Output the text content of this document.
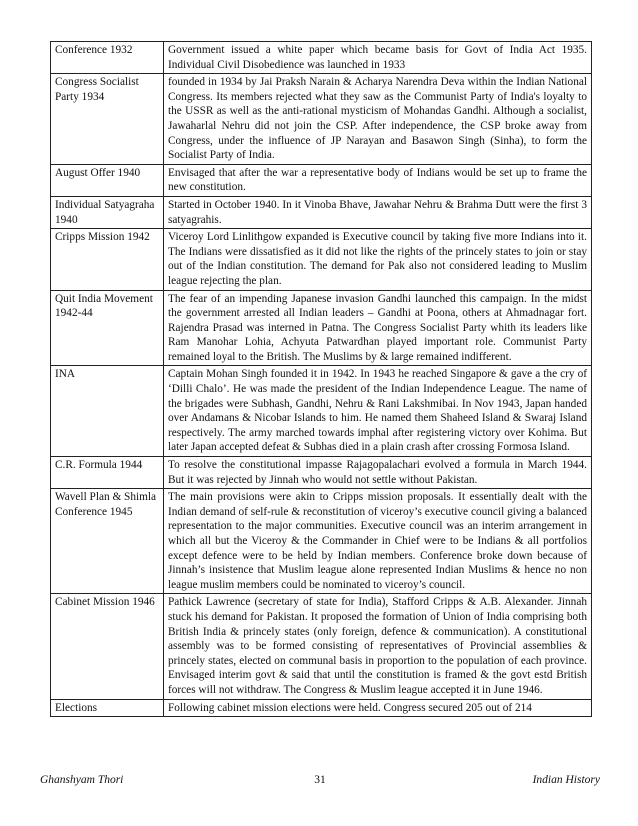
Conference 1932	Government issued a white paper which became basis for Govt of India Act 1935. Individual Civil Disobedience was launched in 1933
Congress Socialist Party 1934	founded in 1934 by Jai Praksh Narain & Acharya Narendra Deva within the Indian National Congress. Its members rejected what they saw as the Communist Party of India's loyalty to the USSR as well as the anti-rational mysticism of Mohandas Gandhi. Although a socialist, Jawaharlal Nehru did not join the CSP. After independence, the CSP broke away from Congress, under the influence of JP Narayan and Basawon Singh (Sinha), to form the Socialist Party of India.
August Offer 1940	Envisaged that after the war a representative body of Indians would be set up to frame the new constitution.
Individual Satyagraha 1940	Started in October 1940. In it Vinoba Bhave, Jawahar Nehru & Brahma Dutt were the first 3 satyagrahis.
Cripps Mission 1942	Viceroy Lord Linlithgow expanded is Executive council by taking five more Indians into it. The Indians were dissatisfied as it did not like the rights of the princely states to join or stay out of the Indian constitution. The demand for Pak also not considered leading to Muslim league rejecting the plan.
Quit India Movement 1942-44	The fear of an impending Japanese invasion Gandhi launched this campaign. In the midst the government arrested all Indian leaders – Gandhi at Poona, others at Ahmadnagar fort. Rajendra Prasad was interned in Patna. The Congress Socialist Party whith its leaders like Ram Manohar Lohia, Achyuta Patwardhan played important role. Communist Party remained loyal to the British. The Muslims by & large remained indifferent.
INA	Captain Mohan Singh founded it in 1942. In 1943 he reached Singapore & gave a the cry of ‘Dilli Chalo’. He was made the president of the Indian Independence League. The name of the brigades were Subhash, Gandhi, Nehru & Rani Lakshmibai. In Nov 1943, Japan handed over Andamans & Nicobar Islands to him. He named them Shaheed Island & Swaraj Island respectively. The army marched towards imphal after registering victory over Kohima. But later Japan accepted defeat & Subhas died in a plain crash after crossing Formosa Island.
C.R. Formula 1944	To resolve the constitutional impasse Rajagopalachari evolved a formula in March 1944. But it was rejected by Jinnah who would not settle without Pakistan.
Wavell Plan & Shimla Conference 1945	The main provisions were akin to Cripps mission proposals. It essentially dealt with the Indian demand of self-rule & reconstitution of viceroy’s executive council giving a balanced representation to the major communities. Executive council was an interim arrangement in which all but the Viceroy & the Commander in Chief were to be Indians & all portfolios except defence were to be held by Indian members. Conference broke down because of Jinnah’s insistence that Muslim league alone represented Indian Muslims & hence no non league muslim members could be nominated to viceroy’s council.
Cabinet Mission 1946	Pathick Lawrence (secretary of state for India), Stafford Cripps & A.B. Alexander. Jinnah stuck his demand for Pakistan. It proposed the formation of Union of India comprising both British India & princely states (only foreign, defence & communication). A constitutional assembly was to be formed consisting of representatives of Provincial assemblies & princely states, elected on communal basis in proportion to the population of each province. Envisaged interim govt & said that until the constitution is framed & the govt estd British forces will not withdraw. The Congress & Muslim league accepted it in June 1946.
Elections	Following cabinet mission elections were held. Congress secured 205 out of 214
Ghanshyam Thori	31	Indian History
